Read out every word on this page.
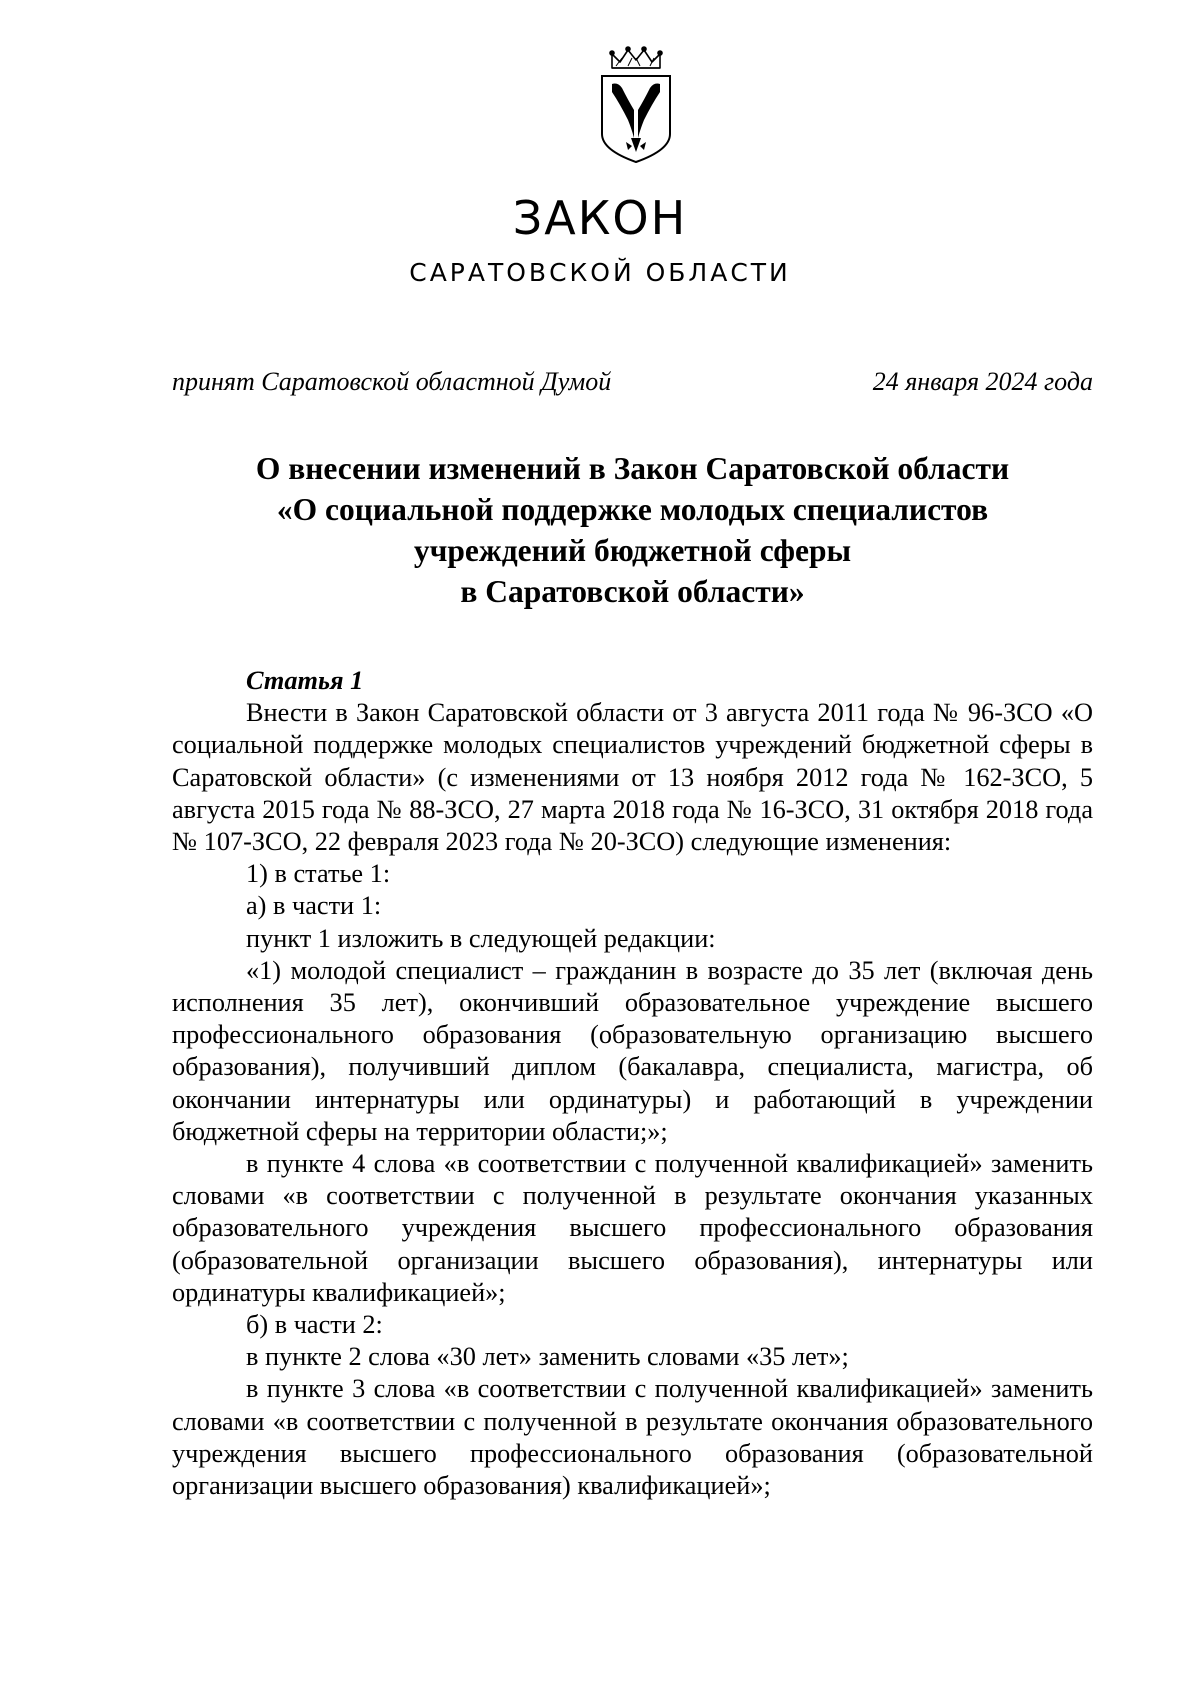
ЗАКОН
САРАТОВСКОЙ ОБЛАСТИ
принят Саратовской областной Думой	24 января 2024 года
О внесении изменений в Закон Саратовской области
«О социальной поддержке молодых специалистов
учреждений бюджетной сферы
в Саратовской области»

Статья 1

Внести в Закон Саратовской области от 3 августа 2011 года № 96-ЗСО «О социальной поддержке молодых специалистов учреждений бюджетной сферы в Саратовской области» (с изменениями от 13 ноября 2012 года № 162-ЗСО, 5 августа 2015 года № 88-ЗСО, 27 марта 2018 года № 16-ЗСО, 31 октября 2018 года № 107-ЗСО, 22 февраля 2023 года № 20-ЗСО) следующие изменения:

1) в статье 1:

а) в части 1:

пункт 1 изложить в следующей редакции:

«1) молодой специалист – гражданин в возрасте до 35 лет (включая день исполнения 35 лет), окончивший образовательное учреждение высшего профессионального образования (образовательную организацию высшего образования), получивший диплом (бакалавра, специалиста, магистра, об окончании интернатуры или ординатуры) и работающий в учреждении бюджетной сферы на территории области;»;

в пункте 4 слова «в соответствии с полученной квалификацией» заменить словами «в соответствии с полученной в результате окончания указанных образовательного учреждения высшего профессионального образования (образовательной организации высшего образования), интернатуры или ординатуры квалификацией»;

б) в части 2:

в пункте 2 слова «30 лет» заменить словами «35 лет»;

в пункте 3 слова «в соответствии с полученной квалификацией» заменить словами «в соответствии с полученной в результате окончания образовательного учреждения высшего профессионального образования (образовательной организации высшего образования) квалификацией»;
